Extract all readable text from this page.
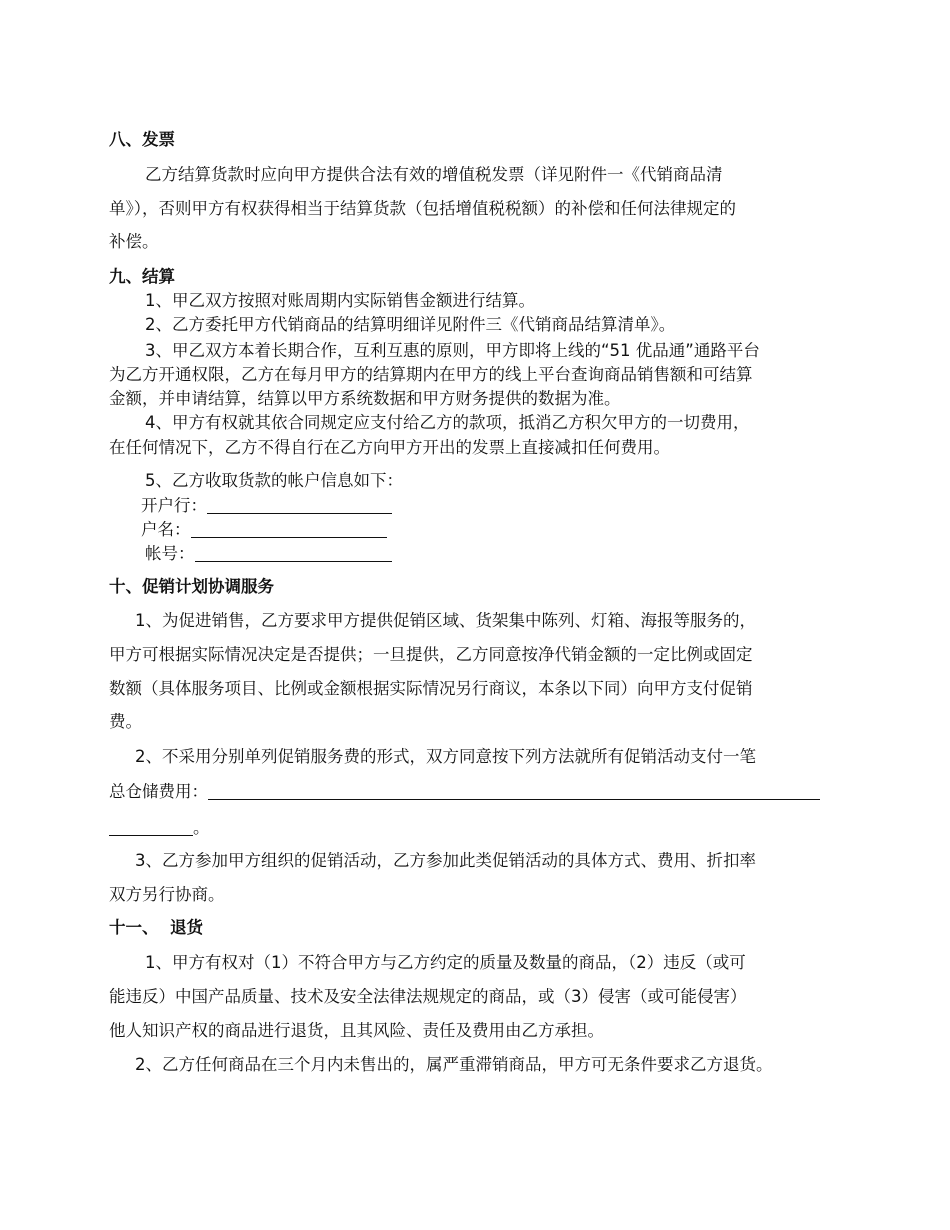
八、发票
乙方结算货款时应向甲方提供合法有效的增值税发票（详见附件一《代销商品清
单》），否则甲方有权获得相当于结算货款（包括增值税税额）的补偿和任何法律规定的
补偿。
九、结算
1、甲乙双方按照对账周期内实际销售金额进行结算。
2、乙方委托甲方代销商品的结算明细详见附件三《代销商品结算清单》。
3、甲乙双方本着长期合作，互利互惠的原则，甲方即将上线的“51 优品通”通路平台
为乙方开通权限，乙方在每月甲方的结算期内在甲方的线上平台查询商品销售额和可结算
金额，并申请结算，结算以甲方系统数据和甲方财务提供的数据为准。
4、甲方有权就其依合同规定应支付给乙方的款项，抵消乙方积欠甲方的一切费用，
在任何情况下，乙方不得自行在乙方向甲方开出的发票上直接减扣任何费用。
5、乙方收取货款的帐户信息如下：
开户行：
户名：
帐号：
十、促销计划协调服务
1、为促进销售，乙方要求甲方提供促销区域、货架集中陈列、灯箱、海报等服务的，
甲方可根据实际情况决定是否提供；一旦提供，乙方同意按净代销金额的一定比例或固定
数额（具体服务项目、比例或金额根据实际情况另行商议，本条以下同）向甲方支付促销
费。
2、不采用分别单列促销服务费的形式，双方同意按下列方法就所有促销活动支付一笔
总仓储费用：
。
3、乙方参加甲方组织的促销活动，乙方参加此类促销活动的具体方式、费用、折扣率
双方另行协商。
十一、  退货
1、甲方有权对（1）不符合甲方与乙方约定的质量及数量的商品，（2）违反（或可
能违反）中国产品质量、技术及安全法律法规规定的商品，或（3）侵害（或可能侵害）
他人知识产权的商品进行退货，且其风险、责任及费用由乙方承担。
2、乙方任何商品在三个月内未售出的，属严重滞销商品，甲方可无条件要求乙方退货。
